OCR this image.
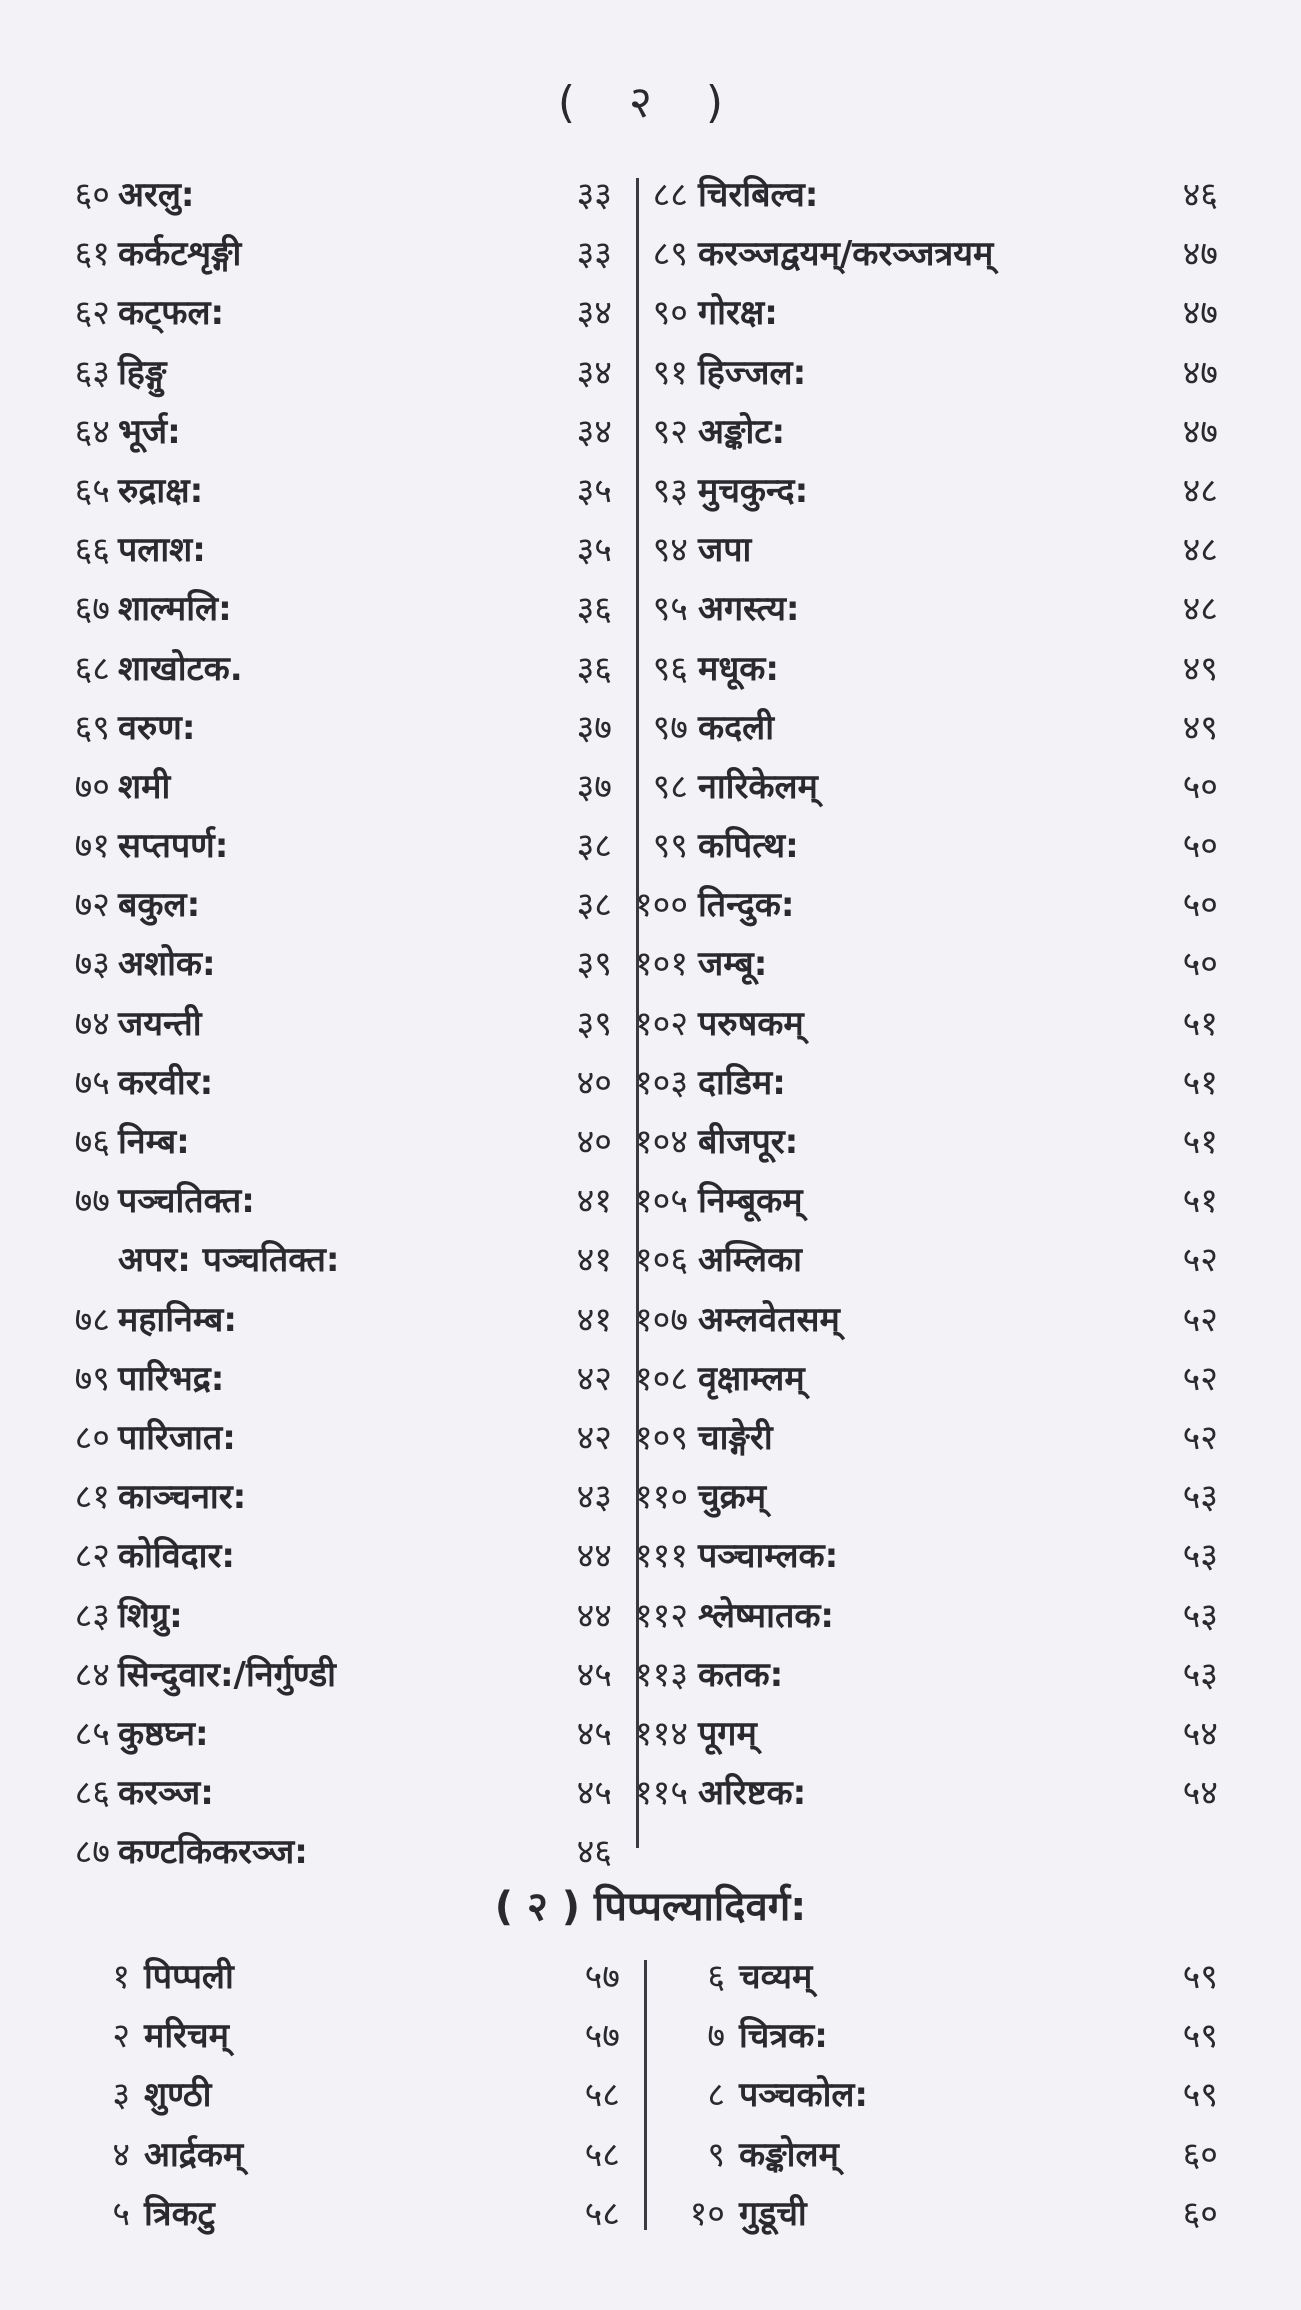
( २ )
६० अरलु:	३३
६१ कर्कटशृङ्गी	३३
६२ कट्फल:	३४
६३ हिङ्गु	३४
६४ भूर्ज:	३४
६५ रुद्राक्ष:	३५
६६ पलाश:	३५
६७ शाल्मलि:	३६
६८ शाखोटक.	३६
६९ वरुण:	३७
७० शमी	३७
७१ सप्तपर्ण:	३८
७२ बकुल:	३८
७३ अशोक:	३९
७४ जयन्ती	३९
७५ करवीर:	४०
७६ निम्ब:	४०
७७ पञ्चतिक्त:	४१
अपर: पञ्चतिक्त:	४१
७८ महानिम्ब:	४१
७९ पारिभद्र:	४२
८० पारिजात:	४२
८१ काञ्चनार:	४३
८२ कोविदार:	४४
८३ शिग्रु:	४४
८४ सिन्दुवार:/निर्गुण्डी	४५
८५ कुष्ठघ्न:	४५
८६ करञ्ज:	४५
८७ कण्टकिकरञ्ज:	४६
८८ चिरबिल्व:	४६
८९ करञ्जद्वयम्/करञ्जत्रयम्	४७
९० गोरक्ष:	४७
९१ हिज्जल:	४७
९२ अङ्कोट:	४७
९३ मुचकुन्द:	४८
९४ जपा	४८
९५ अगस्त्य:	४८
९६ मधूक:	४९
९७ कदली	४९
९८ नारिकेलम्	५०
९९ कपित्थ:	५०
१०० तिन्दुक:	५०
१०१ जम्बू:	५०
१०२ परुषकम्	५१
१०३ दाडिम:	५१
१०४ बीजपूर:	५१
१०५ निम्बूकम्	५१
१०६ अम्लिका	५२
१०७ अम्लवेतसम्	५२
१०८ वृक्षाम्लम्	५२
१०९ चाङ्गेरी	५२
११० चुक्रम्	५३
१११ पञ्चाम्लक:	५३
११२ श्लेष्मातक:	५३
११३ कतक:	५३
११४ पूगम्	५४
११५ अरिष्टक:	५४
( २ ) पिप्पल्यादिवर्ग:
१ पिप्पली	५७
२ मरिचम्	५७
३ शुण्ठी	५८
४ आर्द्रकम्	५८
५ त्रिकटु	५८
६ चव्यम्	५९
७ चित्रक:	५९
८ पञ्चकोल:	५९
९ कङ्कोलम्	६०
१० गुडूची	६०
